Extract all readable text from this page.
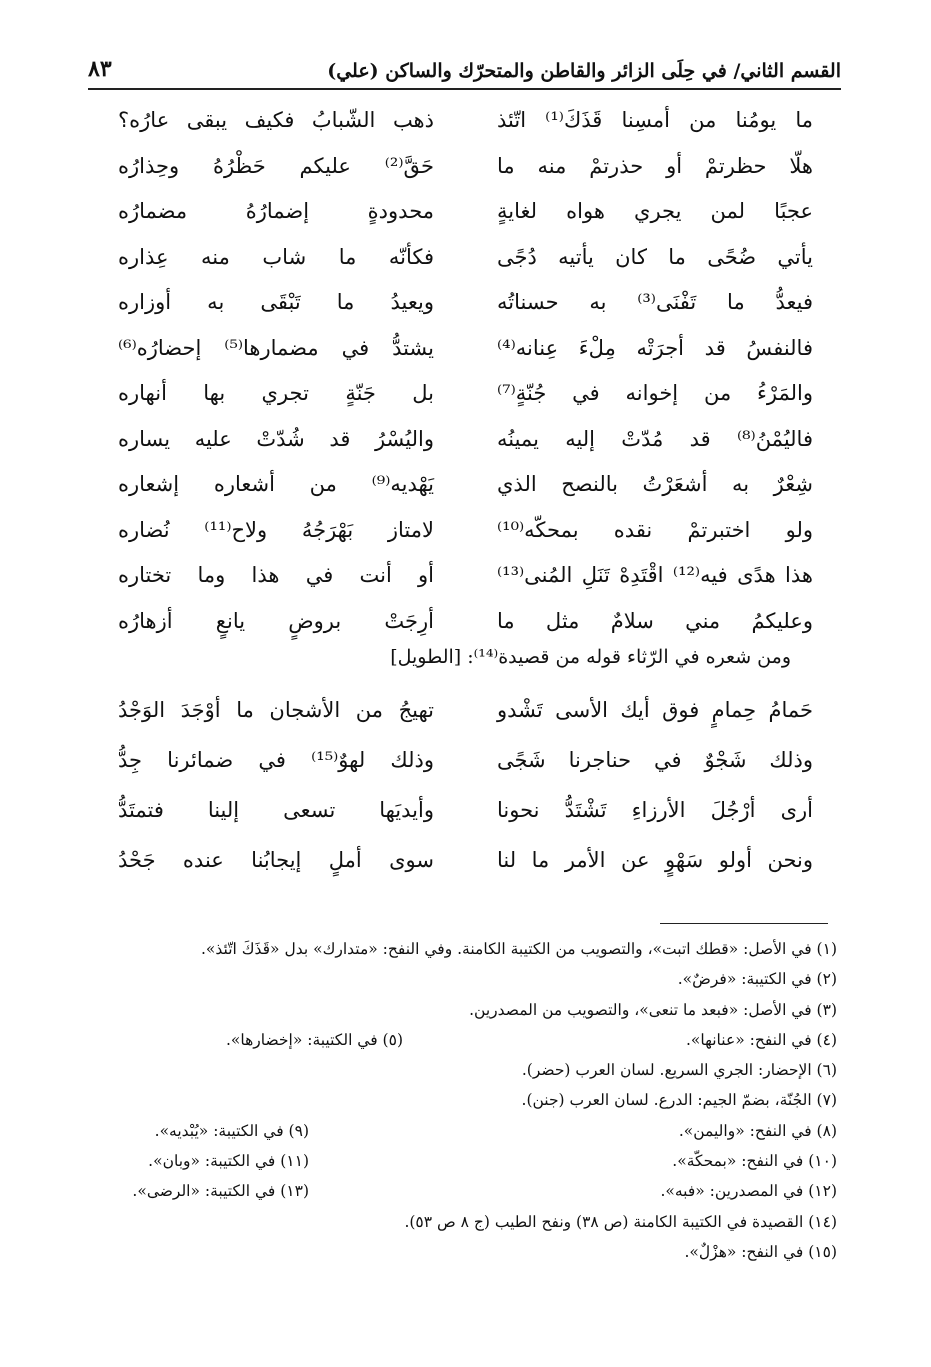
القسم الثاني/ في حِلَى الزائر والقاطن والمتحرّك والساكن (علي)
٨٣
ما يومُنا من أمسِنا قَذَكَ⁽¹⁾ اتّئذ
ذهب الشّبابُ فكيف يبقى عارُه؟
هلّا حظرتمْ أو حذرتمْ منه ما
حَقَّ⁽²⁾ عليكم حَظْرُهُ وحِذارُه
عجبًا لمن يجري هواه لغايةٍ
محدودةٍ إضمارُهُ مضمارُه
يأتي ضُحًى ما كان يأتيه دُجًى
فكأنّه ما شاب منه عِذاره
فيعدُّ ما تَفْنَى⁽³⁾ به حسناتُه
ويعيدُ ما تَبْقَى به أوزاره
فالنفسُ قد أجرَتْه مِلْءَ عِنانه⁽⁴⁾
يشتدُّ في مضمارها⁽⁵⁾ إحضارُه⁽⁶⁾
والمَرْءُ من إخوانه في جُنّةٍ⁽⁷⁾
بل جَنّةٍ تجري بها أنهاره
فاليُمْنُ⁽⁸⁾ قد مُدّتْ إليه يمينُه
واليُسْرُ قد شُدّتْ عليه يساره
شِعْرٌ به أشعَرْتُ بالنصح الذي
يَهْديه⁽⁹⁾ من أشعاره إشعاره
ولو اختبرتمْ نقده بمحكّه⁽¹⁰⁾
لامتاز بَهْرَجُهُ ولاح⁽¹¹⁾ نُضاره
هذا هدًى فيه⁽¹²⁾ اقْتَدِهْ تَنَلِ المُنى⁽¹³⁾
أو أنت في هذا وما تختاره
وعليكمُ مني سلامٌ مثل ما
أرِجَتْ بروضٍ يانعٍ أزهارُه
ومن شعره في الرّثاء قوله من قصيدة⁽¹⁴⁾: [الطويل]
حَمامُ حِمامٍ فوق أيك الأسى تَشْدو
تهيجُ من الأشجان ما أوْجَدَ الوَجْدُ
وذلك شَجْوٌ في حناجرنا شَجًى
وذلك لهوٌ⁽¹⁵⁾ في ضمائرنا جِدُّ
أرى أرْجُلَ الأرزاءِ تَشْتَدُّ نحونا
وأيديَها تسعى إلينا فتمتَدُّ
ونحن أولو سَهْوٍ عن الأمر ما لنا
سوى أملٍ إيجابُنا عنده جَحْدُ
(١) في الأصل: «قطك اتبت»، والتصويب من الكتيبة الكامنة. وفي النفح: «متدارك» بدل «قَذَكَ اتّئذ».
(٢) في الكتيبة: «فرضٌ».
(٣) في الأصل: «فبعد ما تنعى»، والتصويب من المصدرين.
(٤) في النفح: «عنانها».
(٥) في الكتيبة: «إخضارها».
(٦) الإحضار: الجري السريع. لسان العرب (حضر).
(٧) الجُنّة، بضمّ الجيم: الدرع. لسان العرب (جنن).
(٨) في النفح: «واليمن».
(٩) في الكتيبة: «يُبْديه».
(١٠) في النفح: «بمحكّة».
(١١) في الكتيبة: «وبان».
(١٢) في المصدرين: «فبه».
(١٣) في الكتيبة: «الرضى».
(١٤) القصيدة في الكتيبة الكامنة (ص ٣٨) ونفح الطيب (ج ٨ ص ٥٣).
(١٥) في النفح: «هزْلٌ».
